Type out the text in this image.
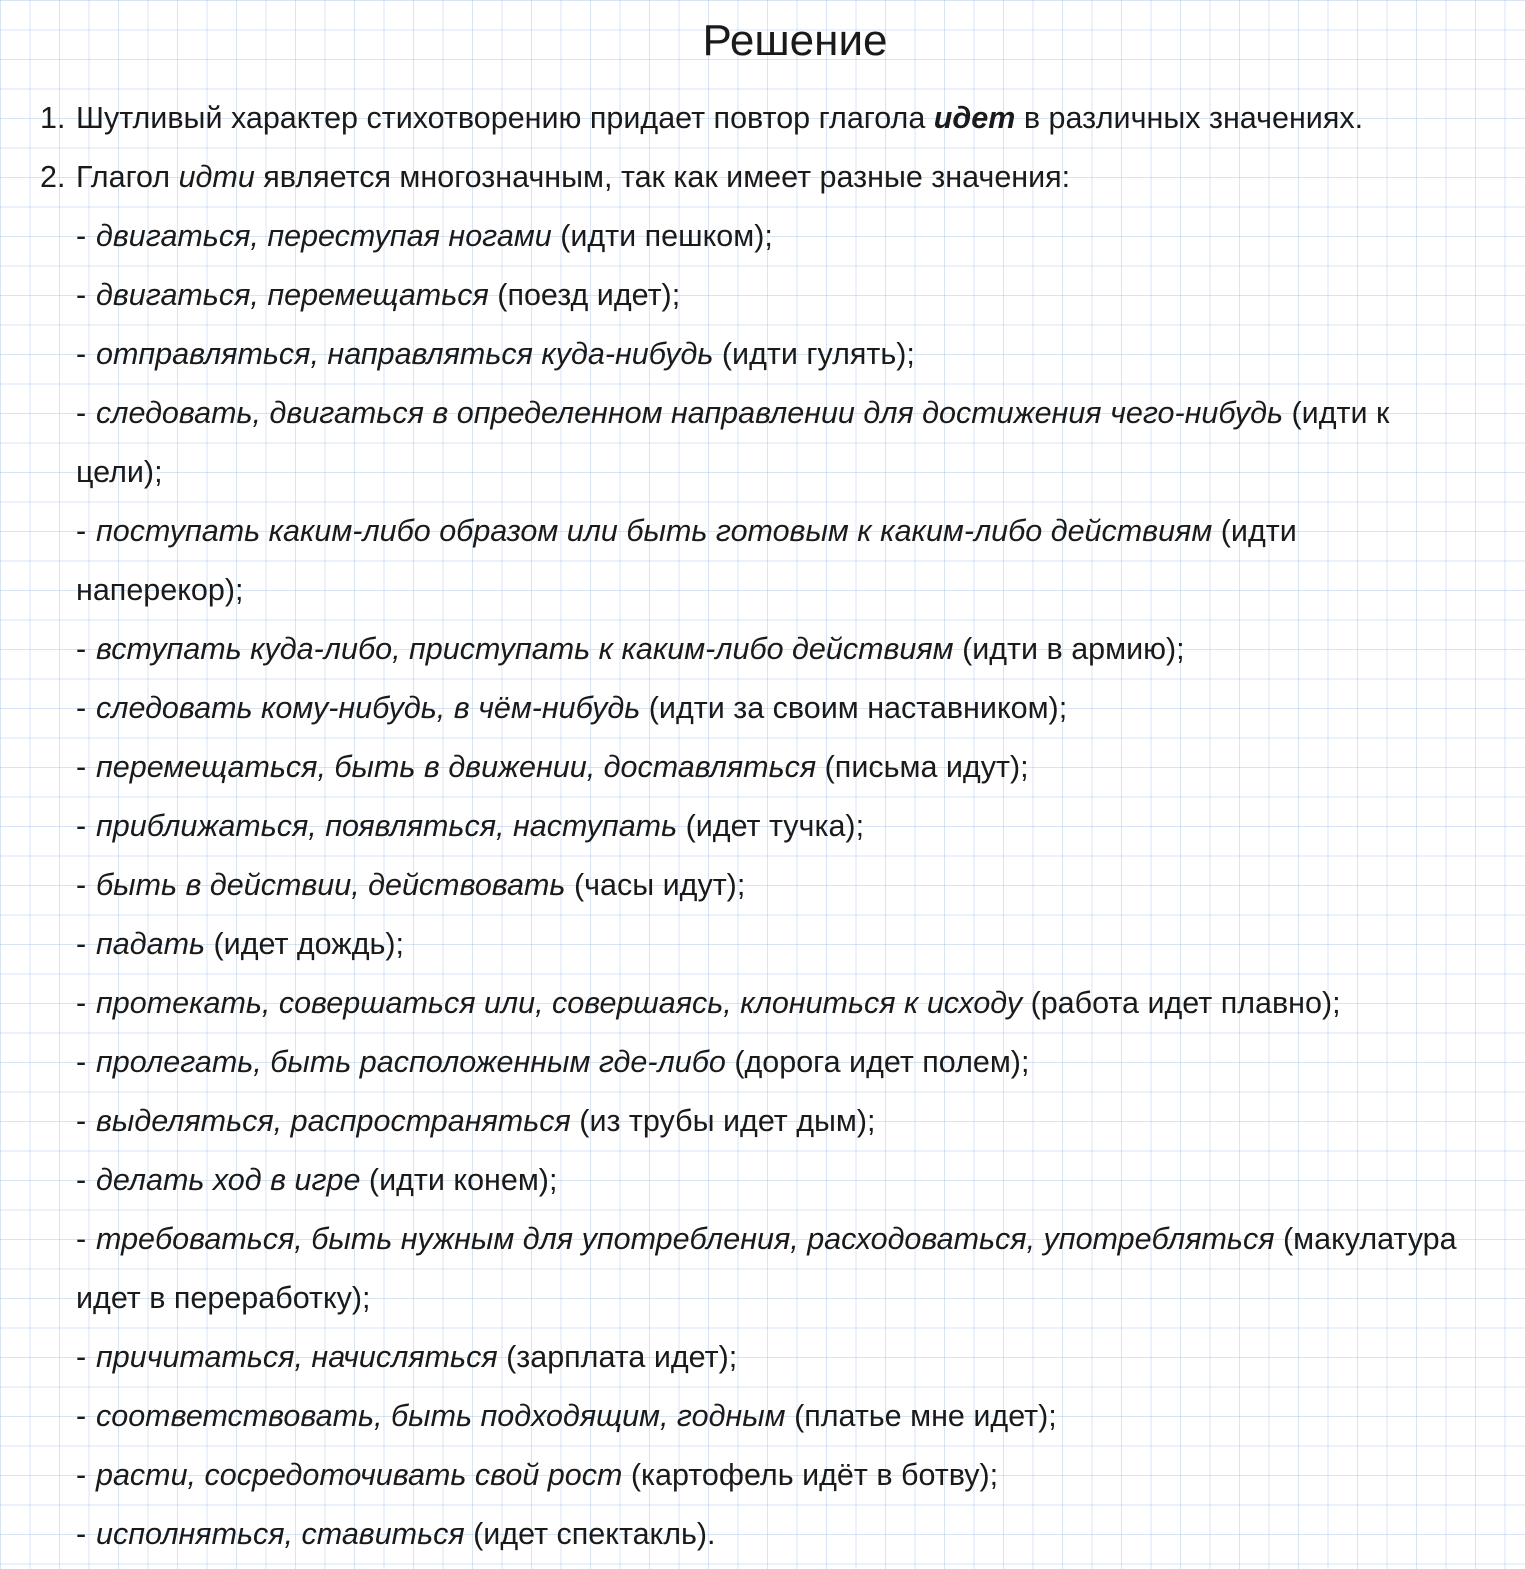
Решение
1. Шутливый характер стихотворению придает повтор глагола идет в различных значениях.
2. Глагол идти является многозначным, так как имеет разные значения:
- двигаться, переступая ногами (идти пешком);
- двигаться, перемещаться (поезд идет);
- отправляться, направляться куда-нибудь (идти гулять);
- следовать, двигаться в определенном направлении для достижения чего-нибудь (идти к
цели);
- поступать каким-либо образом или быть готовым к каким-либо действиям (идти
наперекор);
- вступать куда-либо, приступать к каким-либо действиям (идти в армию);
- следовать кому-нибудь, в чём-нибудь (идти за своим наставником);
- перемещаться, быть в движении, доставляться (письма идут);
- приближаться, появляться, наступать (идет тучка);
- быть в действии, действовать (часы идут);
- падать (идет дождь);
- протекать, совершаться или, совершаясь, клониться к исходу (работа идет плавно);
- пролегать, быть расположенным где-либо (дорога идет полем);
- выделяться, распространяться (из трубы идет дым);
- делать ход в игре (идти конем);
- требоваться, быть нужным для употребления, расходоваться, употребляться (макулатура
идет в переработку);
- причитаться, начисляться (зарплата идет);
- соответствовать, быть подходящим, годным (платье мне идет);
- расти, сосредоточивать свой рост (картофель идёт в ботву);
- исполняться, ставиться (идет спектакль).
